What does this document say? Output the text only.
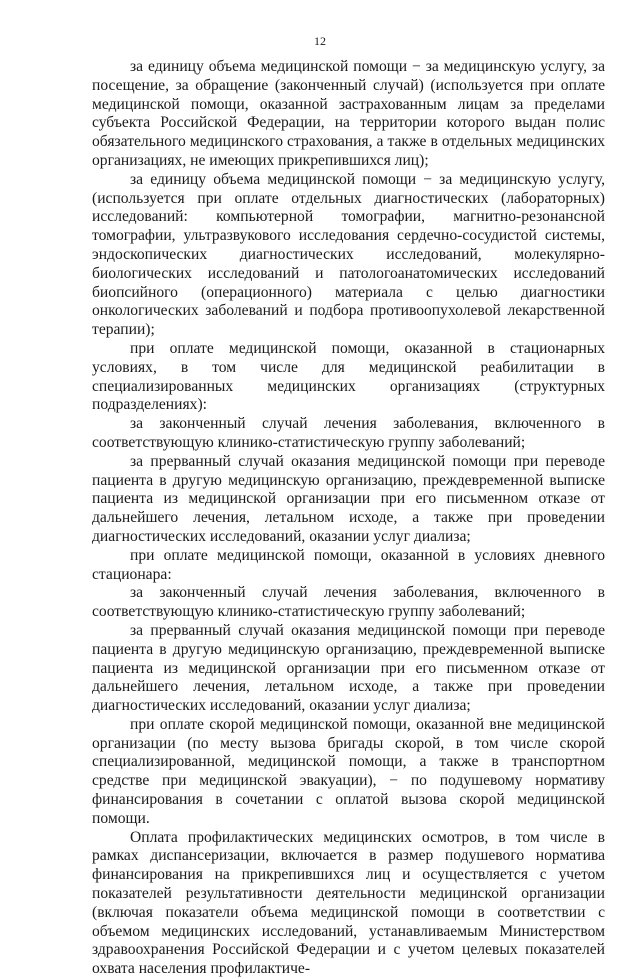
12

за единицу объема медицинской помощи − за медицинскую услугу, за посещение, за обращение (законченный случай) (используется при оплате медицинской помощи, оказанной застрахованным лицам за пределами субъекта Российской Федерации, на территории которого выдан полис обязательного медицинского страхования, а также в отдельных медицинских организациях, не имеющих прикрепившихся лиц);

за единицу объема медицинской помощи − за медицинскую услугу, (используется при оплате отдельных диагностических (лабораторных) исследований: компьютерной томографии, магнитно-резонансной томографии, ультразвукового исследования сердечно-сосудистой системы, эндоскопических диагностических исследований, молекулярно-биологических исследований и патологоанатомических исследований биопсийного (операционного) материала с целью диагностики онкологических заболеваний и подбора противоопухолевой лекарственной терапии);

при оплате медицинской помощи, оказанной в стационарных условиях, в том числе для медицинской реабилитации в специализированных медицинских организациях (структурных подразделениях):

за законченный случай лечения заболевания, включенного в соответствующую клинико-статистическую группу заболеваний;

за прерванный случай оказания медицинской помощи при переводе пациента в другую медицинскую организацию, преждевременной выписке пациента из медицинской организации при его письменном отказе от дальнейшего лечения, летальном исходе, а также при проведении диагностических исследований, оказании услуг диализа;

при оплате медицинской помощи, оказанной в условиях дневного стационара:

за законченный случай лечения заболевания, включенного в соответствующую клинико-статистическую группу заболеваний;

за прерванный случай оказания медицинской помощи при переводе пациента в другую медицинскую организацию, преждевременной выписке пациента из медицинской организации при его письменном отказе от дальнейшего лечения, летальном исходе, а также при проведении диагностических исследований, оказании услуг диализа;

при оплате скорой медицинской помощи, оказанной вне медицинской организации (по месту вызова бригады скорой, в том числе скорой специализированной, медицинской помощи, а также в транспортном средстве при медицинской эвакуации), − по подушевому нормативу финансирования в сочетании с оплатой вызова скорой медицинской помощи.

Оплата профилактических медицинских осмотров, в том числе в рамках диспансеризации, включается в размер подушевого норматива финансирования на прикрепившихся лиц и осуществляется с учетом показателей результативности деятельности медицинской организации (включая показатели объема медицинской помощи в соответствии с объемом медицинских исследований, устанавливаемым Министерством здравоохранения Российской Федерации и с учетом целевых показателей охвата населения профилактиче-
